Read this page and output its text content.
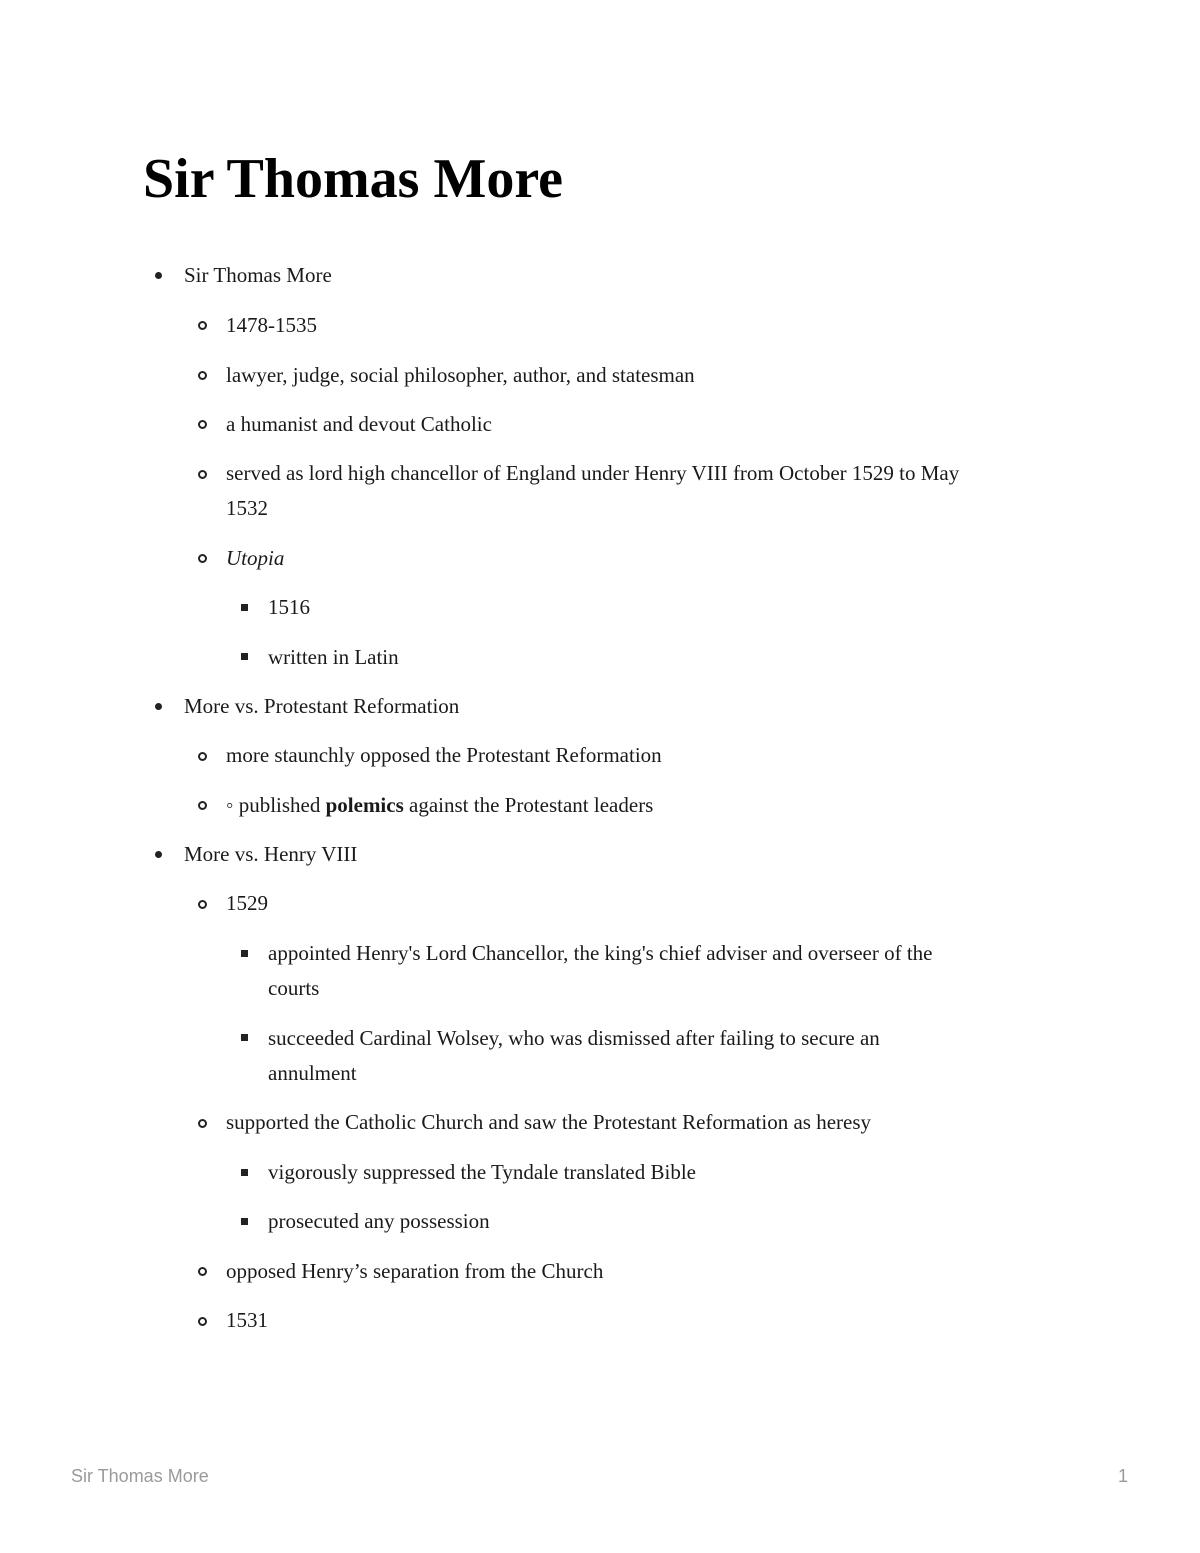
Sir Thomas More
Sir Thomas More
1478-1535
lawyer, judge, social philosopher, author, and statesman
a humanist and devout Catholic
served as lord high chancellor of England under Henry VIII from October 1529 to May
1532
Utopia
1516
written in Latin
More vs. Protestant Reformation
more staunchly opposed the Protestant Reformation
◦ published polemics against the Protestant leaders
More vs. Henry VIII
1529
appointed Henry's Lord Chancellor, the king's chief adviser and overseer of the
courts
succeeded Cardinal Wolsey, who was dismissed after failing to secure an
annulment
supported the Catholic Church and saw the Protestant Reformation as heresy
vigorously suppressed the Tyndale translated Bible
prosecuted any possession
opposed Henry’s separation from the Church
1531
Sir Thomas More	1
